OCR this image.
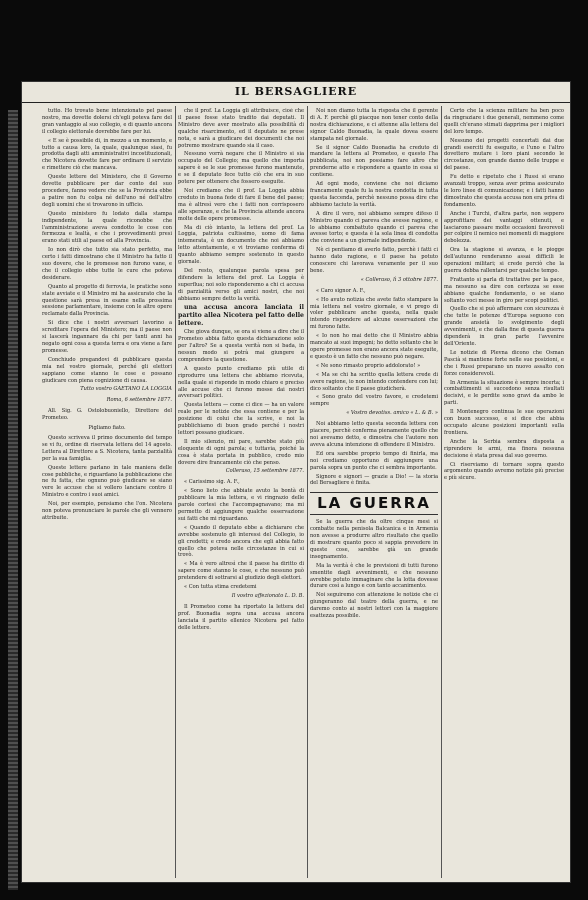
IL BERSAGLIERE

tutto. Ho trovato bene intenzionato pel paese nostro, ma dovette dolersi ch'egli poteva fare del gran vantaggio al suo collegio, e di quanto ancora il collegio elettorale dovrebbe fare per lui.

« E se è possibile di, in mezzo a un momento, e tutto a causa loro, la quale, qualunque siasi, fu prodotta dagli atti amministrativi incostituzionali, che Nicotera dovette fare per ordinare il servizio e rimettere ciò che mancava.

Queste lettere del Ministero, che il Governo dovette pubblicare per dar conto del suo procedere, fanno vedere che se la Provincia ebbe a patire non fu colpa né dell'uno né dell'altro degli uomini che si trovarono in ufficio.

Questo ministero fu lodato dalla stampa indipendente, la quale riconobbe che l'amministrazione aveva condotto le cose con fermezza e lealtà, e che i provvedimenti presi erano stati utili al paese ed alla Provincia.

Io non dirò che tutto sia stato perfetto, ma certo i fatti dimostrano che il Ministro ha fatto il suo dovere, che le promesse non furono vane, e che il collegio ebbe tutte le cure che poteva desiderare.

Quanto al progetto di ferrovia, le pratiche sono state avviate e il Ministro mi ha assicurato che la questione sarà presa in esame nella prossima sessione parlamentare, insieme con le altre opere reclamate dalla Provincia.

Si dice che i nostri avversari lavorino a screditare l'opera del Ministero; ma il paese non si lascerà ingannare da chi per tanti anni ha negato ogni cosa a questa terra e ora viene a fare promesse.

Conchiudo pregandovi di pubblicare questa mia nel vostro giornale, perché gli elettori sappiano come stanno le cose e possano giudicare con piena cognizione di causa.

Tutto vostro GAETANO LA LOGGIA
Roma, 6 settembre 1877.

All. Sig. G. Ostolobuoniello, Direttore del Prometeo.

Pigliamo fiato.

Questo scriveva il primo documento del tempo se vi fu, ordine di riservata lettera del 14 agosto. Lettera al Direttore a S. Nicotera, tanta parzialità per la sua famiglia.

Queste lettere parlano in tale maniera delle cose pubbliche, e riguardano la pubblicazione che ne fu fatta, che ognuno può giudicare se siano vere le accuse che si vollero lanciare contro il Ministro e contro i suoi amici.

Noi, per esempio, pensiamo che l'on. Nicotera non poteva pronunciare le parole che gli vennero attribuite.

che il prof. La Loggia gli attribuisce, cioè che il paese fosse stato tradito dai deputati. Il Ministro deve aver mostrato alla possibilità di qualche risarcimento, ed il deputato ne prese nota, e sarà a giudicare dei documenti che noi potremo mostrare quando sia il caso.

Nessuno vorrà negare che il Ministro si sia occupato del Collegio; ma quello che importa sapere è se le sue promesse furono mantenute, e se il deputato fece tutto ciò che era in suo potere per ottenere che fossero eseguite.

Noi crediamo che il prof. La Loggia abbia creduto in buona fede di fare il bene del paese; ma è altresì vero che i fatti non corrisposero alle speranze, e che la Provincia attende ancora molte delle opere promesse.

Ma di ciò intanto, la lettera del prof. La Loggia, patriota cultissimo, uomo di fama intemerata, è un documento che noi abbiamo letto attentamente, e vi troviamo conferma di quanto abbiamo sempre sostenuto in questo giornale.

Del resto, qualunque parola spesa per difendere la lettera del prof. La Loggia è superflua; noi solo risponderemo a chi ci accusa di parzialità verso gli amici nostri, che noi abbiamo sempre detto la verità.

una accusa ancora lanciata il partito allea Nicotera pel fatto delle lettere.

Che giova dunque, se ora si viene a dire che il Prometeo abbia fatto questa dichiarazione solo per l'altro? Se a questa verità non si bada, in nessun modo si potrà mai giungere a comprendere la questione.

A questo punto crediamo più utile di riprodurre una lettera che abbiamo ricevuta, nella quale si risponde in modo chiaro e preciso alle accuse che ci furono mosse dai nostri avversari politici.

Questa lettera — come ci dice — ha un valore reale per le notizie che essa contiene e per la posizione di colui che la scrive, e noi la pubblichiamo di buon grado perché i nostri lettori possano giudicare.

Il mio silenzio, mi pare, sarebbe stato più eloquente di ogni parola; e tuttavia, poiché la cosa è stata portata in pubblico, credo mio dovere dire francamente ciò che penso.

Colleraso, 15 settembre 1877.

« Carissimo sig. A. F.,

« Sono lieto che abbiate avuto la bontà di pubblicare la mia lettera, e vi ringrazio delle parole cortesi che l'accompagnavano; ma mi permetto di aggiungere qualche osservazione sui fatti che mi riguardano.

« Quando il deputato ebbe a dichiarare che avrebbe sostenuto gli interessi del Collegio, io gli credetti; e credo ancora che egli abbia fatto quello che poteva nelle circostanze in cui si trovò.

« Ma è vero altresì che il paese ha diritto di sapere come stanno le cose, e che nessuno può pretendere di sottrarsi al giudizio degli elettori.

« Con tutta stima credetemi

Il vostro affezionato L. D. B.

Il Prometeo come ha riportato la lettera del prof. Buonadia sopra una accusa ancora lanciata il partito ellenico Nicotera pel fatto delle lettere.

Noi non diamo tutta la risposta che il gerente di A. F. perchè gli piacque non tener conto della nostra dichiarazione, e ci attenne alla lettera del signor Caldo Buonadia, la quale dovea essere stampata nel giornale.

Se il signor Caldo Buonadia ha creduto di mandare la lettera al Prometeo, e questo l'ha pubblicata, noi non possiamo fare altro che prenderne atto e rispondere a quanto in essa si contiene.

Ad ogni modo, conviene che noi diciamo francamente quale fu la nostra condotta in tutta questa faccenda, perchè nessuno possa dire che abbiamo taciuto la verità.

A dire il vero, noi abbiamo sempre difeso il Ministro quando ci pareva che avesse ragione, e lo abbiamo combattuto quando ci pareva che avesse torto; e questa è la sola linea di condotta che conviene a un giornale indipendente.

Nè ci pentiamo di averlo fatto, perchè i fatti ci hanno dato ragione, e il paese ha potuto conoscere chi lavorava veramente per il suo bene.

« Colleraso, lì 3 ottobre 1877.

« Caro signor A. F.,

« Ho avuto notizia che avete fatto stampare la mia lettera nel vostro giornale, e vi prego di voler pubblicare anche questa, nella quale intendo rispondere ad alcune osservazioni che mi furono fatte.

« Io non ho mai detto che il Ministro abbia mancato ai suoi impegni; ho detto soltanto che le opere promesse non erano ancora state eseguite, e questo è un fatto che nessuno può negare.

« Ne sono rimasto proprio addolorato! »

« Ma se chi ha scritto quella lettera crede di avere ragione, io non intendo contendere con lui; dico soltanto che il paese giudicherà.

« Sono grato del vostro favore, e credetemi sempre

« Vostro devotiss. amico « L. & B. »

Noi abbiamo letto questa seconda lettera con piacere, perchè conferma pienamente quello che noi avevamo detto, e dimostra che l'autore non aveva alcuna intenzione di offendere il Ministro.

Ed ora sarebbe proprio tempo di finirla, ma noi crediamo opportuno di aggiungere una parola sopra un punto che ci sembra importante.

Signore e signori — grazie a Dio! — la storia del Bersagliere è finita.

LA GUERRA

Se la guerra che da oltre cinque mesi si combatte nella penisola Balcanica e in Armenia non avesse a produrre altro risultato che quello di mostrare quanto poco si sappia prevedere in queste cose, sarebbe già un grande insegnamento.

Ma la verità è che le previsioni di tutti furono smentite dagli avvenimenti, e che nessuno avrebbe potuto immaginare che la lotta dovesse durare così a lungo e con tanto accanimento.

Noi seguiremo con attenzione le notizie che ci giungeranno dal teatro della guerra, e ne daremo conto ai nostri lettori con la maggiore esattezza possibile.

Certo che la scienza militare ha ben poco da ringraziare i due generali, nemmeno come quelli ch'erano stimati dapprima per i migliori del loro tempo.

Nessuno dei progetti concertati dai due grandi eserciti fu eseguito, e l'uno e l'altro dovettero mutare i loro piani secondo le circostanze, con grande danno delle truppe e del paese.

Fu detto e ripetuto che i Russi si erano avanzati troppo, senza aver prima assicurato le loro linee di comunicazione; e i fatti hanno dimostrato che questa accusa non era priva di fondamento.

Anche i Turchi, d'altra parte, non seppero approfittare dei vantaggi ottenuti, e lasciarono passare molte occasioni favorevoli per colpire il nemico nei momenti di maggiore debolezza.

Ora la stagione si avanza, e le piogge dell'autunno renderanno assai difficili le operazioni militari; si crede perciò che la guerra debba rallentarsi per qualche tempo.

Frattanto si parla di trattative per la pace, ma nessuno sa dire con certezza se esse abbiano qualche fondamento, o se siano soltanto voci messe in giro per scopi politici.

Quello che si può affermare con sicurezza è che tutte le potenze d'Europa seguono con grande ansietà lo svolgimento degli avvenimenti, e che dalla fine di questa guerra dipenderà in gran parte l'avvenire dell'Oriente.

Le notizie di Plevna dicono che Osman Pascià si mantiene forte nelle sue posizioni, e che i Russi preparano un nuovo assalto con forze considerevoli.

In Armenia la situazione è sempre incerta; i combattimenti si succedono senza risultati decisivi, e le perdite sono gravi da ambo le parti.

Il Montenegro continua le sue operazioni con buon successo, e si dice che abbia occupato alcune posizioni importanti sulla frontiera.

Anche la Serbia sembra disposta a riprendere le armi, ma finora nessuna decisione è stata presa dal suo governo.

Ci riserviamo di tornare sopra questo argomento quando avremo notizie più precise e più sicure.
